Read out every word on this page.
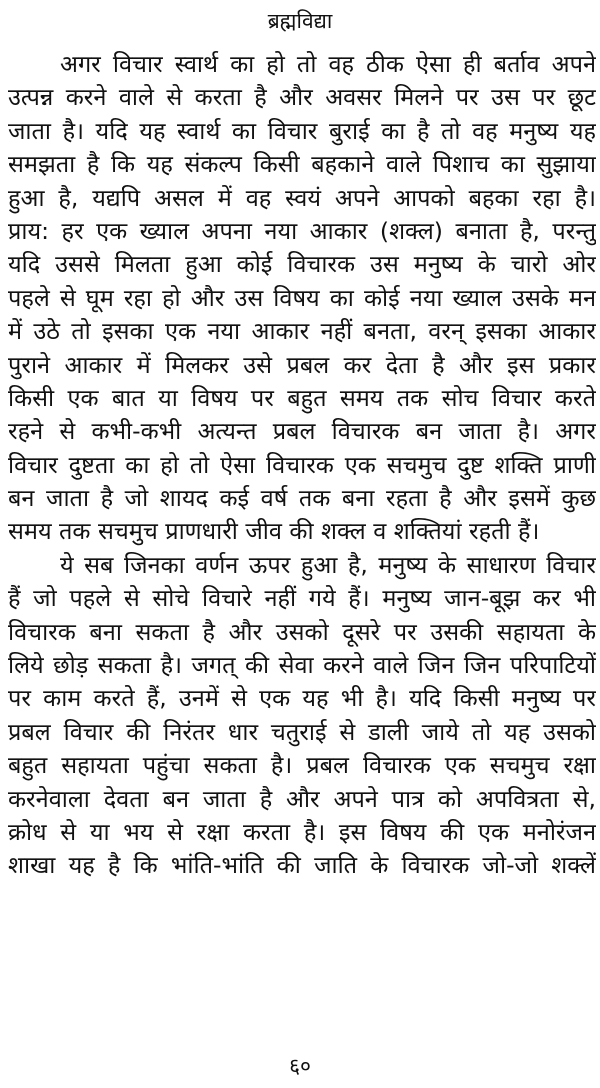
ब्रह्मविद्या
अगर विचार स्वार्थ का हो तो वह ठीक ऐसा ही बर्ताव अपने
उत्पन्न करने वाले से करता है और अवसर मिलने पर उस पर छूट
जाता है। यदि यह स्वार्थ का विचार बुराई का है तो वह मनुष्य यह
समझता है कि यह संकल्प किसी बहकाने वाले पिशाच का सुझाया
हुआ है, यद्यपि असल में वह स्वयं अपने आपको बहका रहा है।
प्राय: हर एक ख्याल अपना नया आकार (शक्ल) बनाता है, परन्तु
यदि उससे मिलता हुआ कोई विचारक उस मनुष्य के चारो ओर
पहले से घूम रहा हो और उस विषय का कोई नया ख्याल उसके मन
में उठे तो इसका एक नया आकार नहीं बनता, वरन् इसका आकार
पुराने आकार में मिलकर उसे प्रबल कर देता है और इस प्रकार
किसी एक बात या विषय पर बहुत समय तक सोच विचार करते
रहने से कभी-कभी अत्यन्त प्रबल विचारक बन जाता है। अगर
विचार दुष्टता का हो तो ऐसा विचारक एक सचमुच दुष्ट शक्ति प्राणी
बन जाता है जो शायद कई वर्ष तक बना रहता है और इसमें कुछ
समय तक सचमुच प्राणधारी जीव की शक्ल व शक्तियां रहती हैं।
ये सब जिनका वर्णन ऊपर हुआ है, मनुष्य के साधारण विचार
हैं जो पहले से सोचे विचारे नहीं गये हैं। मनुष्य जान-बूझ कर भी
विचारक बना सकता है और उसको दूसरे पर उसकी सहायता के
लिये छोड़ सकता है। जगत् की सेवा करने वाले जिन जिन परिपाटियों
पर काम करते हैं, उनमें से एक यह भी है। यदि किसी मनुष्य पर
प्रबल विचार की निरंतर धार चतुराई से डाली जाये तो यह उसको
बहुत सहायता पहुंचा सकता है। प्रबल विचारक एक सचमुच रक्षा
करनेवाला देवता बन जाता है और अपने पात्र को अपवित्रता से,
क्रोध से या भय से रक्षा करता है। इस विषय की एक मनोरंजन
शाखा यह है कि भांति-भांति की जाति के विचारक जो-जो शक्लें
६०
